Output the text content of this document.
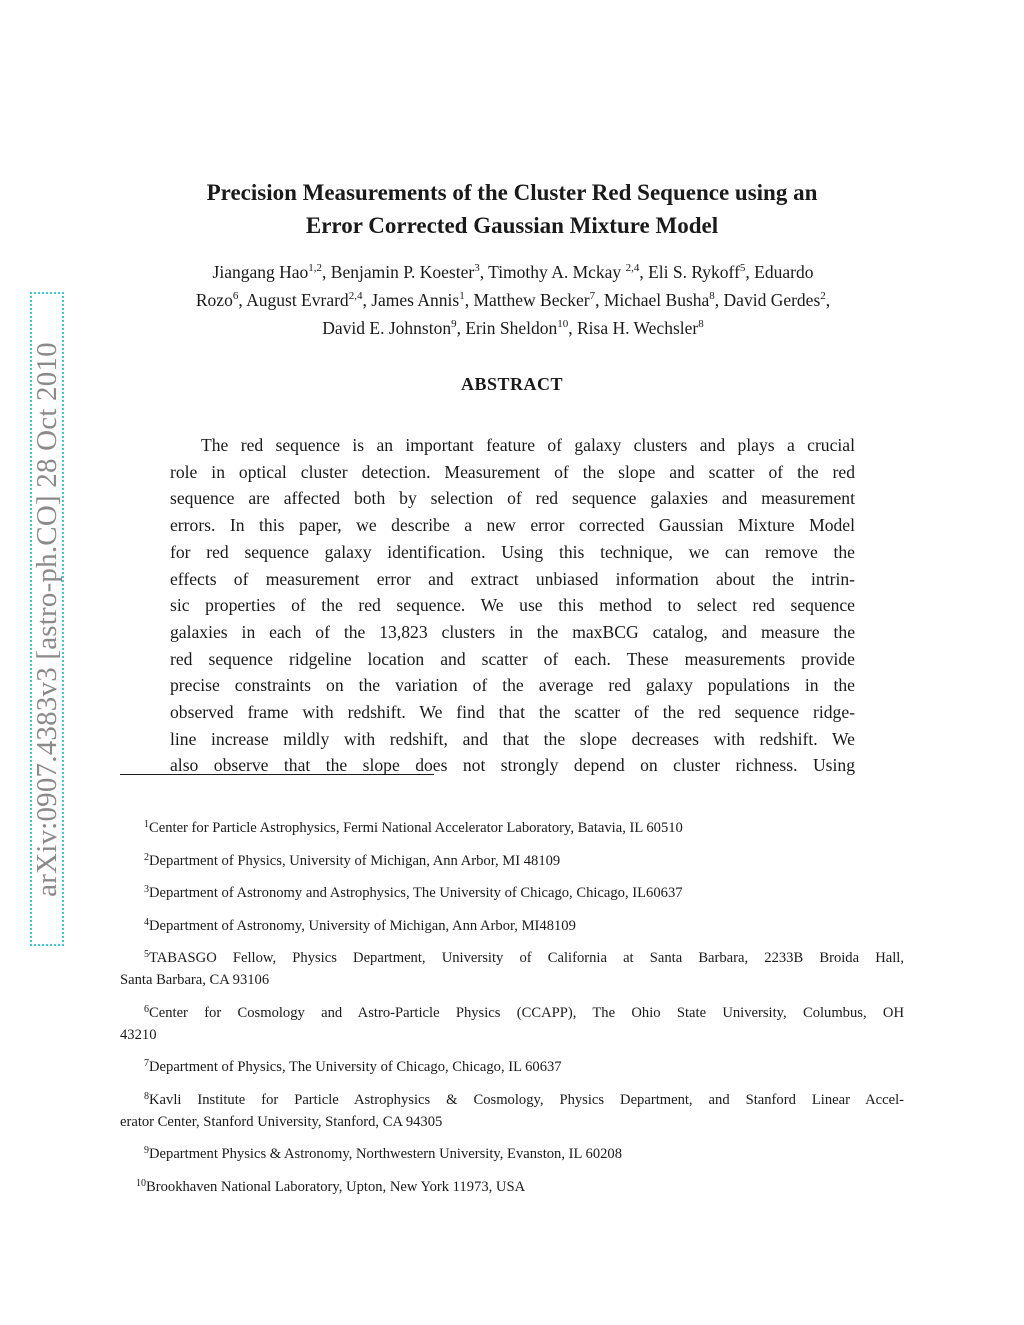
arXiv:0907.4383v3 [astro-ph.CO] 28 Oct 2010
Precision Measurements of the Cluster Red Sequence using an
Error Corrected Gaussian Mixture Model
Jiangang Hao$^{1,2}$, Benjamin P. Koester$^3$, Timothy A. Mckay $^{2,4}$, Eli S. Rykoff$^5$, Eduardo
Rozo$^6$, August Evrard$^{2,4}$, James Annis$^1$, Matthew Becker$^7$, Michael Busha$^8$, David Gerdes$^2$,
David E. Johnston$^9$, Erin Sheldon$^{10}$, Risa H. Wechsler$^8$
ABSTRACT
The red sequence is an important feature of galaxy clusters and plays a crucial
role in optical cluster detection. Measurement of the slope and scatter of the red
sequence are affected both by selection of red sequence galaxies and measurement
errors. In this paper, we describe a new error corrected Gaussian Mixture Model
for red sequence galaxy identification. Using this technique, we can remove the
effects of measurement error and extract unbiased information about the intrin-
sic properties of the red sequence. We use this method to select red sequence
galaxies in each of the 13,823 clusters in the maxBCG catalog, and measure the
red sequence ridgeline location and scatter of each. These measurements provide
precise constraints on the variation of the average red galaxy populations in the
observed frame with redshift. We find that the scatter of the red sequence ridge-
line increase mildly with redshift, and that the slope decreases with redshift. We
also observe that the slope does not strongly depend on cluster richness. Using
$^1$Center for Particle Astrophysics, Fermi National Accelerator Laboratory, Batavia, IL 60510
$^2$Department of Physics, University of Michigan, Ann Arbor, MI 48109
$^3$Department of Astronomy and Astrophysics, The University of Chicago, Chicago, IL60637
$^4$Department of Astronomy, University of Michigan, Ann Arbor, MI48109
$^5$TABASGO Fellow, Physics Department, University of California at Santa Barbara, 2233B Broida Hall,
Santa Barbara, CA 93106
$^6$Center for Cosmology and Astro-Particle Physics (CCAPP), The Ohio State University, Columbus, OH
43210
$^7$Department of Physics, The University of Chicago, Chicago, IL 60637
$^8$Kavli Institute for Particle Astrophysics & Cosmology, Physics Department, and Stanford Linear Accel-
erator Center, Stanford University, Stanford, CA 94305
$^9$Department Physics & Astronomy, Northwestern University, Evanston, IL 60208
$^{10}$Brookhaven National Laboratory, Upton, New York 11973, USA
